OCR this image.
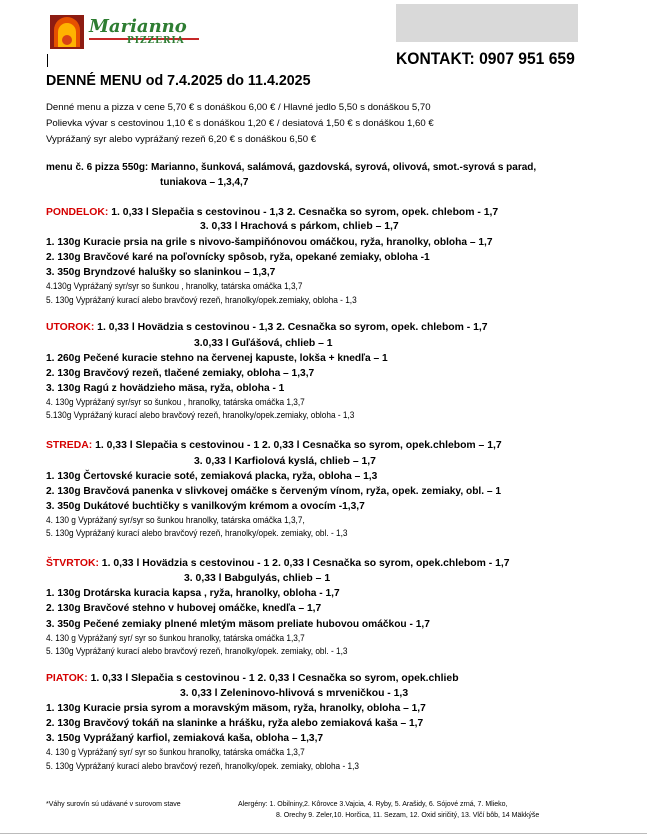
Marianno
PIZZERIA
KONTAKT: 0907 951 659
DENNÉ MENU od 7.4.2025 do 11.4.2025
Denné menu a pizza v cene 5,70 € s donáškou 6,00 € / Hlavné jedlo 5,50 s donáškou 5,70
Polievka vývar s cestovinou 1,10 € s donáškou 1,20 € / desiatová 1,50 € s donáškou 1,60 €
Vyprážaný syr alebo vyprážaný rezeň 6,20 € s donáškou 6,50 €
menu č. 6 pizza 550g: Marianno, šunková, salámová, gazdovská, syrová, olivová, smot.-syrová s parad,
tuniakova – 1,3,4,7
PONDELOK: 1. 0,33 l Slepačia s cestovinou - 1,3 2. Cesnačka so syrom, opek. chlebom - 1,7
3. 0,33 l Hrachová s párkom, chlieb – 1,7
1. 130g Kuracie prsia na grile s nivovo-šampiňónovou omáčkou, ryža, hranolky, obloha – 1,7
2. 130g Bravčové karé na poľovnícky spôsob, ryža, opekané zemiaky, obloha -1
3. 350g Bryndzové halušky so slaninkou – 1,3,7
4.130g Vyprážaný syr/syr so šunkou , hranolky, tatárska omáčka 1,3,7
5. 130g Vyprážaný kurací alebo bravčový rezeň, hranolky/opek.zemiaky, obloha - 1,3
UTOROK: 1. 0,33 l Hovädzia s cestovinou - 1,3 2. Cesnačka so syrom, opek. chlebom - 1,7
3.0,33 l Guľášová, chlieb – 1
1. 260g Pečené kuracie stehno na červenej kapuste, lokša + knedľa – 1
2. 130g Bravčový rezeň, tlačené zemiaky, obloha – 1,3,7
3. 130g Ragú z hovädzieho mäsa, ryža, obloha - 1
4. 130g Vyprážaný syr/syr so šunkou , hranolky, tatárska omáčka 1,3,7
5.130g Vyprážaný kurací alebo bravčový rezeň, hranolky/opek.zemiaky, obloha - 1,3
STREDA: 1. 0,33 l Slepačia s cestovinou - 1 2. 0,33 l Cesnačka so syrom, opek.chlebom – 1,7
3. 0,33 l Karfiolová kyslá, chlieb – 1,7
1. 130g Čertovské kuracie soté, zemiaková placka, ryža, obloha – 1,3
2. 130g Bravčová panenka v slivkovej omáčke s červeným vínom, ryža, opek. zemiaky, obl. – 1
3. 350g Dukátové buchtičky s vanilkovým krémom a ovocím -1,3,7
4. 130 g Vyprážaný syr/syr so šunkou hranolky, tatárska omáčka 1,3,7,
5. 130g Vyprážaný kurací alebo bravčový rezeň, hranolky/opek. zemiaky, obl. - 1,3
ŠTVRTOK: 1. 0,33 l Hovädzia s cestovinou - 1 2. 0,33 l Cesnačka so syrom, opek.chlebom - 1,7
3. 0,33 l Babgulyás, chlieb – 1
1. 130g Drotárska kuracia kapsa , ryža, hranolky, obloha - 1,7
2. 130g Bravčové stehno v hubovej omáčke, knedľa – 1,7
3. 350g Pečené zemiaky plnené mletým mäsom preliate hubovou omáčkou - 1,7
4. 130 g Vyprážaný syr/ syr so šunkou hranolky, tatárska omáčka 1,3,7
5. 130g Vyprážaný kurací alebo bravčový rezeň, hranolky/opek. zemiaky, obl. - 1,3
PIATOK: 1. 0,33 l Slepačia s cestovinou - 1 2. 0,33 l Cesnačka so syrom, opek.chlieb
3. 0,33 l Zeleninovo-hlivová s mrveničkou - 1,3
1. 130g Kuracie prsia syrom a moravským mäsom, ryža, hranolky, obloha – 1,7
2. 130g Bravčový tokáň na slaninke a hrášku, ryža alebo zemiaková kaša – 1,7
3. 150g Vyprážaný karfiol, zemiaková kaša, obloha – 1,3,7
4. 130 g Vyprážaný syr/ syr so šunkou hranolky, tatárska omáčka 1,3,7
5. 130g Vyprážaný kurací alebo bravčový rezeň, hranolky/opek. zemiaky, obloha - 1,3
*Váhy surovín sú udávané v surovom stave	Alergény: 1. Obilniny,2. Kôrovce 3.Vajcia, 4. Ryby, 5. Arašidy, 6. Sójové zrná, 7. Mlieko,
8. Orechy 9. Zeler,10. Horčica, 11. Sezam, 12. Oxid siričitý, 13. Vlčí bôb, 14 Mäkkýše
